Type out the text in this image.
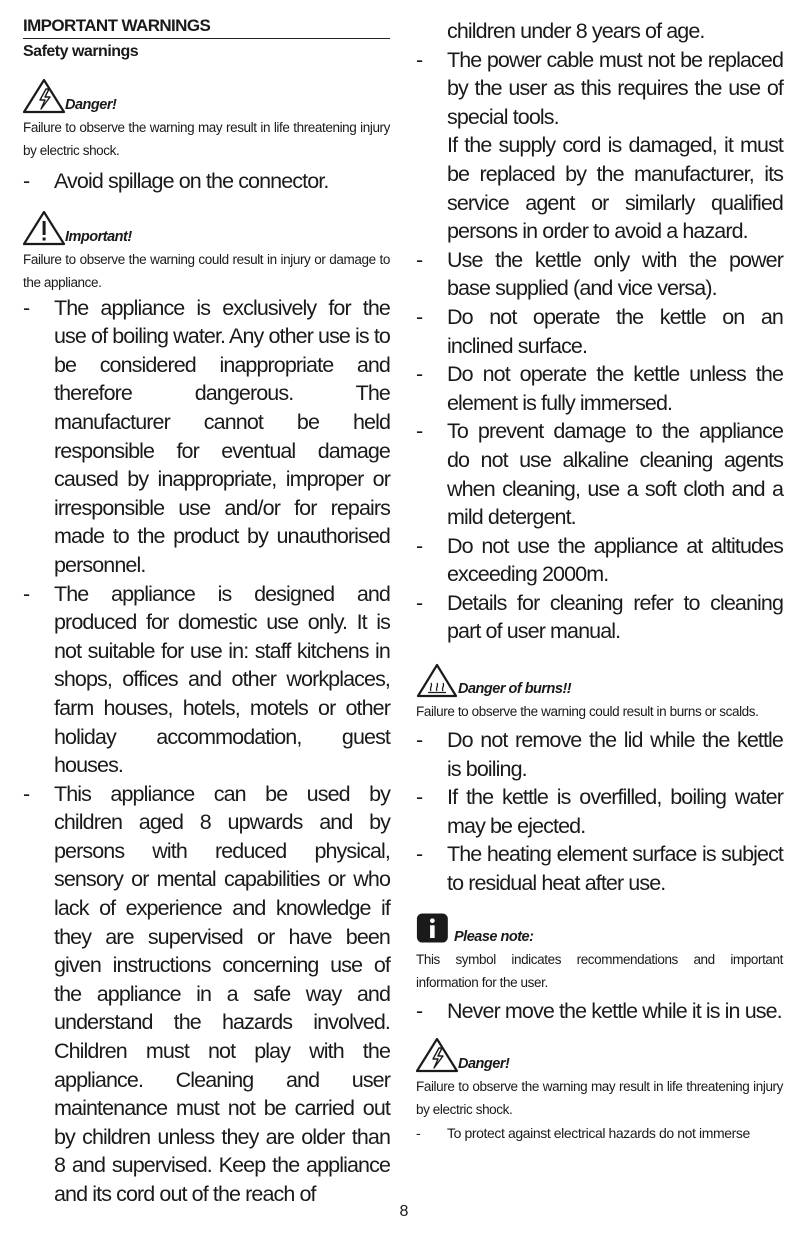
IMPORTANT WARNINGS
Safety warnings
Danger!
Failure to observe the warning may result in life threatening injury by electric shock.
-	Avoid spillage on the connector.
Important!
Failure to observe the warning could result in injury or damage to the appliance.
-	The appliance is exclusively for the use of boiling water. Any other use is to be considered inappropriate and therefore dangerous. The manufacturer cannot be held responsible for eventual damage caused by inappropriate, improper or irresponsible use and/or for repairs made to the product by unauthorised personnel.
-	The appliance is designed and produced for domestic use only. It is not suitable for use in: staff kitchens in shops, offices and other workplaces, farm houses, hotels, motels or other holiday accommodation, guest houses.
-	This appliance can be used by children aged 8 upwards and by persons with reduced physical, sensory or mental capabilities or who lack of experience and knowledge if they are supervised or have been given instructions concerning use of the appliance in a safe way and understand the hazards involved. Children must not play with the appliance. Cleaning and user maintenance must not be carried out by children unless they are older than 8 and supervised. Keep the appliance and its cord out of the reach of
children under 8 years of age.
-	The power cable must not be replaced by the user as this requires the use of special tools.
If the supply cord is damaged, it must be replaced by the manufacturer, its service agent or similarly qualified persons in order to avoid a hazard.
-	Use the kettle only with the power base supplied (and vice versa).
-	Do not operate the kettle on an inclined surface.
-	Do not operate the kettle unless the element is fully immersed.
-	To prevent damage to the appliance do not use alkaline cleaning agents when cleaning, use a soft cloth and a mild detergent.
-	Do not use the appliance at altitudes exceeding 2000m.
-	Details for cleaning refer to cleaning part of user manual.
Danger of burns!!
Failure to observe the warning could result in burns or scalds.
-	Do not remove the lid while the kettle is boiling.
-	If the kettle is overfilled, boiling water may be ejected.
-	The heating element surface is subject to residual heat after use.
Please note:
This symbol indicates recommendations and important information for the user.
-	Never move the kettle while it is in use.
Danger!
Failure to observe the warning may result in life threatening injury by electric shock.
- To protect against electrical hazards do not immerse
8
